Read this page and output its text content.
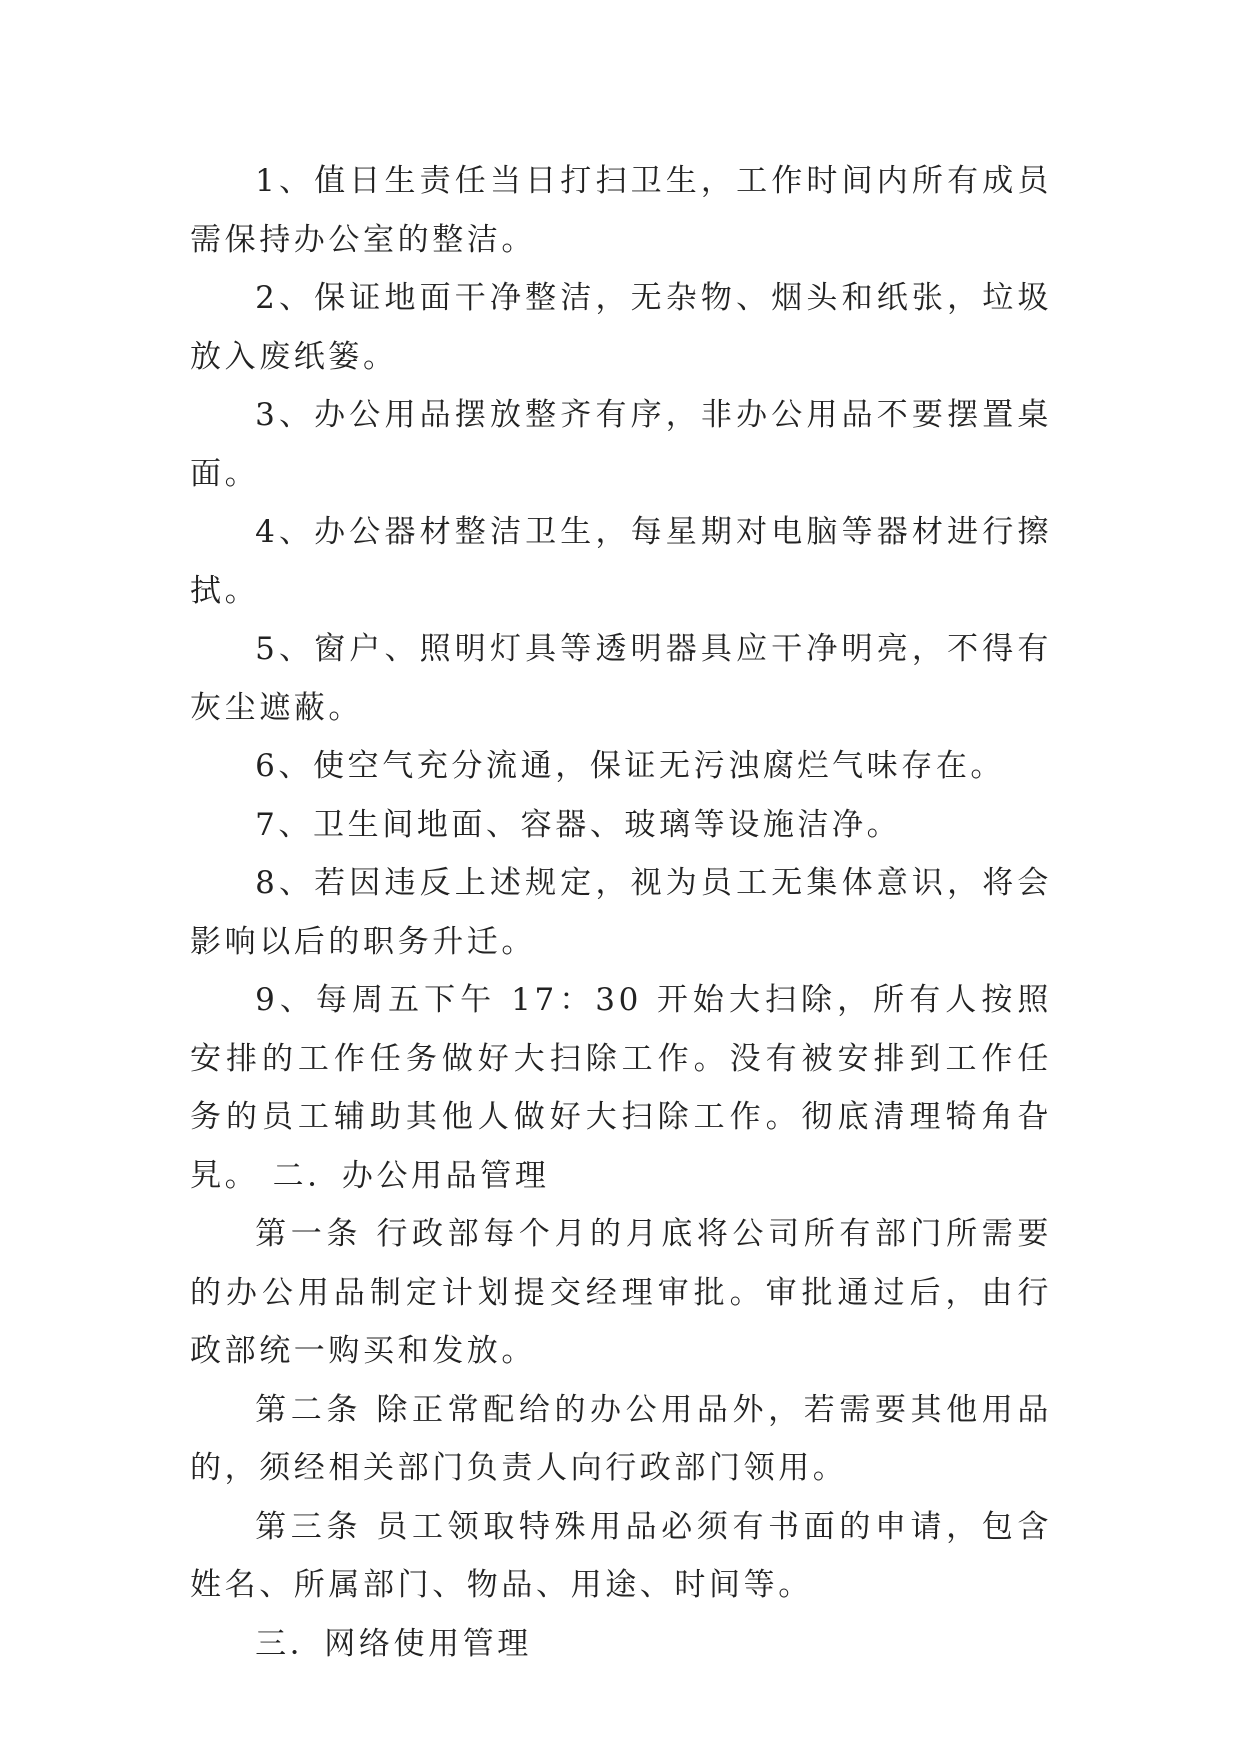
1、值日生责任当日打扫卫生，工作时间内所有成员需保持办公室的整洁。

2、保证地面干净整洁，无杂物、烟头和纸张，垃圾放入废纸篓。

3、办公用品摆放整齐有序，非办公用品不要摆置桌面。

4、办公器材整洁卫生，每星期对电脑等器材进行擦拭。

5、窗户、照明灯具等透明器具应干净明亮，不得有灰尘遮蔽。

6、使空气充分流通，保证无污浊腐烂气味存在。

7、卫生间地面、容器、玻璃等设施洁净。

8、若因违反上述规定，视为员工无集体意识，将会影响以后的职务升迁。

9、每周五下午 17：30 开始大扫除，所有人按照安排的工作任务做好大扫除工作。没有被安排到工作任务的员工辅助其他人做好大扫除工作。彻底清理犄角旮旯。 二．办公用品管理

第一条 行政部每个月的月底将公司所有部门所需要的办公用品制定计划提交经理审批。审批通过后，由行政部统一购买和发放。

第二条 除正常配给的办公用品外，若需要其他用品的，须经相关部门负责人向行政部门领用。

第三条 员工领取特殊用品必须有书面的申请，包含姓名、所属部门、物品、用途、时间等。

三．网络使用管理
